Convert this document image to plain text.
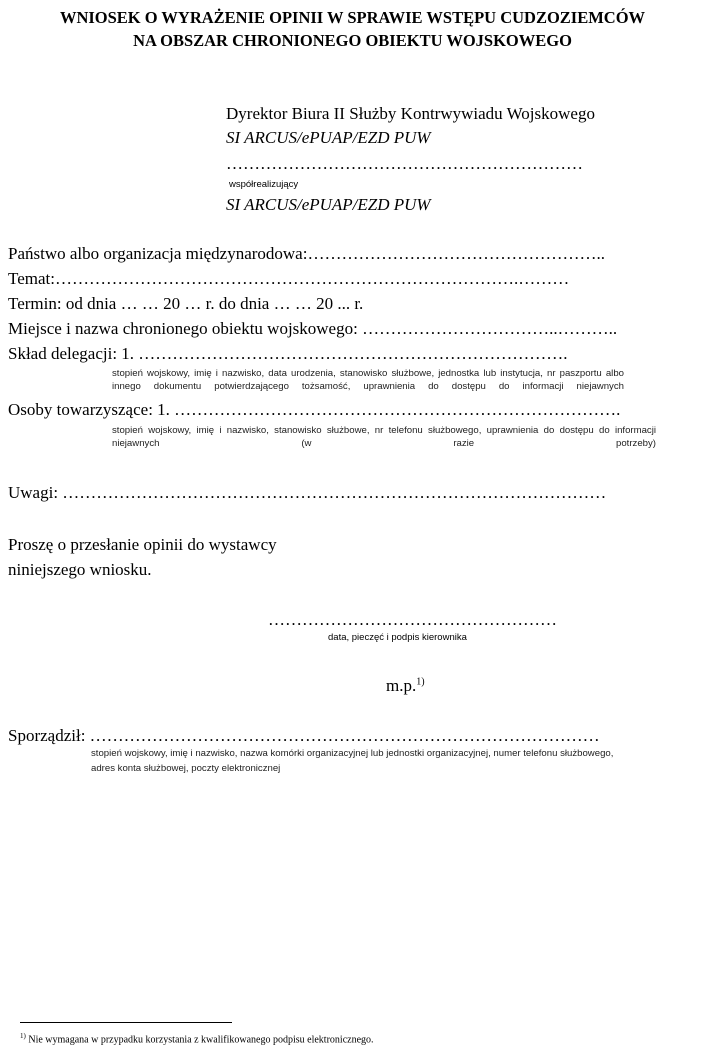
WNIOSEK O WYRAŻENIE OPINII W SPRAWIE WSTĘPU CUDZOZIEMCÓW
NA OBSZAR CHRONIONEGO OBIEKTU WOJSKOWEGO
Dyrektor Biura II Służby Kontrwywiadu Wojskowego
SI ARCUS/ePUAP/EZD PUW
………………………………………………………
współrealizujący
SI ARCUS/ePUAP/EZD PUW
Państwo albo organizacja międzynarodowa:……………………………………………..
Temat:……………………………………………………………………….………
Termin: od dnia … … 20 … r. do dnia … … 20 ... r.
Miejsce i nazwa chronionego obiektu wojskowego: ……………………………..………..
Skład delegacji: 1. ………………………………………………………………….
stopień wojskowy, imię i nazwisko, data urodzenia, stanowisko służbowe, jednostka lub instytucja, nr paszportu albo innego dokumentu potwierdzającego tożsamość, uprawnienia do dostępu do informacji niejawnych
Osoby towarzyszące: 1. …………………………………………………………………….
stopień wojskowy, imię i nazwisko, stanowisko służbowe, nr telefonu służbowego, uprawnienia do dostępu do informacji niejawnych (w razie potrzeby)
Uwagi: ……………………………………………………………………………………
Proszę o przesłanie opinii do wystawcy
niniejszego wniosku.
……………………………………………
data, pieczęć i podpis kierownika
m.p.$^{1)}$
Sporządził: ………………………………………………………………………………
stopień wojskowy, imię i nazwisko, nazwa komórki organizacyjnej lub jednostki organizacyjnej, numer telefonu służbowego,
adres konta służbowej, poczty elektronicznej
$^{1)}$ Nie wymagana w przypadku korzystania z kwalifikowanego podpisu elektronicznego.
